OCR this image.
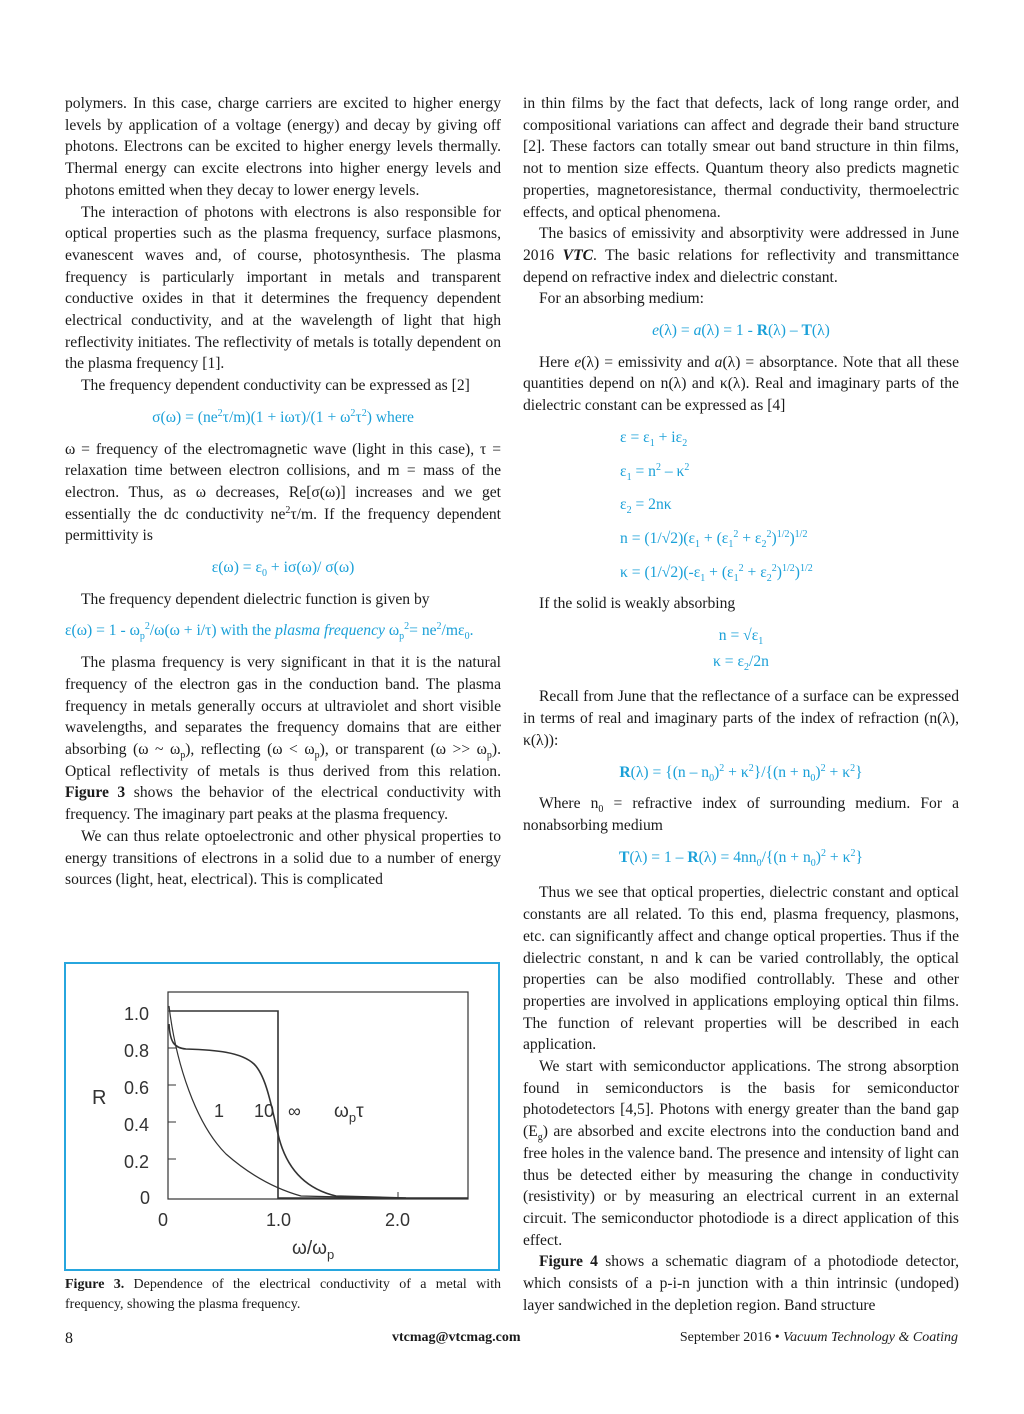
polymers. In this case, charge carriers are excited to higher energy levels by application of a voltage (energy) and decay by giving off photons. Electrons can be excited to higher energy levels thermally. Thermal energy can excite electrons into higher energy levels and photons emitted when they decay to lower energy levels.

The interaction of photons with electrons is also responsible for optical properties such as the plasma frequency, surface plasmons, evanescent waves and, of course, photosynthesis. The plasma frequency is particularly important in metals and transparent conductive oxides in that it determines the frequency dependent electrical conductivity, and at the wavelength of light that high reflectivity initiates. The reflectivity of metals is totally dependent on the plasma frequency [1].

The frequency dependent conductivity can be expressed as [2]

$\sigma(\omega) = (ne^2\tau/m)(1 + i\omega\tau)/(1 + \omega^2\tau^2)$ where

ω = frequency of the electromagnetic wave (light in this case), τ = relaxation time between electron collisions, and m = mass of the electron. Thus, as ω decreases, Re[σ(ω)] increases and we get essentially the dc conductivity $ne^2\tau/m$. If the frequency dependent permittivity is

$\varepsilon(\omega) = \varepsilon_0 + i\sigma(\omega)/$ σ(ω)

The frequency dependent dielectric function is given by

$\varepsilon(\omega) = 1 - \omega_p^2/\omega(\omega + i/\tau)$ with the plasma frequency $\omega_p^2= ne^2/m\varepsilon_0$.

The plasma frequency is very significant in that it is the natural frequency of the electron gas in the conduction band. The plasma frequency in metals generally occurs at ultraviolet and short visible wavelengths, and separates the frequency domains that are either absorbing (ω ~ $\omega_p$), reflecting $(\omega < \omega_p)$, or transparent $(\omega >> \omega_p)$. Optical reflectivity of metals is thus derived from this relation. Figure 3 shows the behavior of the electrical conductivity with frequency. The imaginary part peaks at the plasma frequency.

We can thus relate optoelectronic and other physical properties to energy transitions of electrons in a solid due to a number of energy sources (light, heat, electrical). This is complicated

1.0
0.8
0.6
0.4
0.2
0
R
0	1.0	2.0
$\omega/\omega_p$
1 10 ∞ $\omega_p\tau$
Figure 3. Dependence of the electrical conductivity of a metal with frequency, showing the plasma frequency.

in thin films by the fact that defects, lack of long range order, and compositional variations can affect and degrade their band structure [2]. These factors can totally smear out band structure in thin films, not to mention size effects. Quantum theory also predicts magnetic properties, magnetoresistance, thermal conductivity, thermoelectric effects, and optical phenomena.

The basics of emissivity and absorptivity were addressed in June 2016 VTC. The basic relations for reflectivity and transmittance depend on refractive index and dielectric constant.

For an absorbing medium:

e(λ) = a(λ) = 1 - R(λ) – T(λ)

Here e(λ) = emissivity and a(λ) = absorptance. Note that all these quantities depend on n(λ) and κ(λ). Real and imaginary parts of the dielectric constant can be expressed as [4]

$\varepsilon = \varepsilon_1 + i\varepsilon_2$
$\varepsilon_1 = n^2 - \kappa^2$
$\varepsilon_2 = 2n\kappa$
$n = (1/√2)(\varepsilon_1 + (\varepsilon_1^2 + \varepsilon_2^2)^{1/2})^{1/2}$
$\kappa = (1/√2)(-\varepsilon_1 + (\varepsilon_1^2 + \varepsilon_2^2)^{1/2})^{1/2}$

If the solid is weakly absorbing

$n = √\varepsilon_1$
$\kappa = \varepsilon_2/2n$

Recall from June that the reflectance of a surface can be expressed in terms of real and imaginary parts of the index of refraction (n(λ), κ(λ)):

$R(\lambda) = \{(n - n_0)^2 + \kappa^2\}/\{(n + n_0)^2 + \kappa^2\}$

Where $n_0$ = refractive index of surrounding medium. For a nonabsorbing medium

$T(\lambda) = 1 - R(\lambda) = 4nn_0/\{(n + n_0)^2 + \kappa^2\}$

Thus we see that optical properties, dielectric constant and optical constants are all related. To this end, plasma frequency, plasmons, etc. can significantly affect and change optical properties. Thus if the dielectric constant, n and k can be varied controllably, the optical properties can be also modified controllably. These and other properties are involved in applications employing optical thin films. The function of relevant properties will be described in each application.

We start with semiconductor applications. The strong absorption found in semiconductors is the basis for semiconductor photodetectors [4,5]. Photons with energy greater than the band gap $(E_g)$ are absorbed and excite electrons into the conduction band and free holes in the valence band. The presence and intensity of light can thus be detected either by measuring the change in conductivity (resistivity) or by measuring an electrical current in an external circuit. The semiconductor photodiode is a direct application of this effect.

Figure 4 shows a schematic diagram of a photodiode detector, which consists of a p-i-n junction with a thin intrinsic (undoped) layer sandwiched in the depletion region. Band structure

8	vtcmag@vtcmag.com	September 2016 • Vacuum Technology & Coating
